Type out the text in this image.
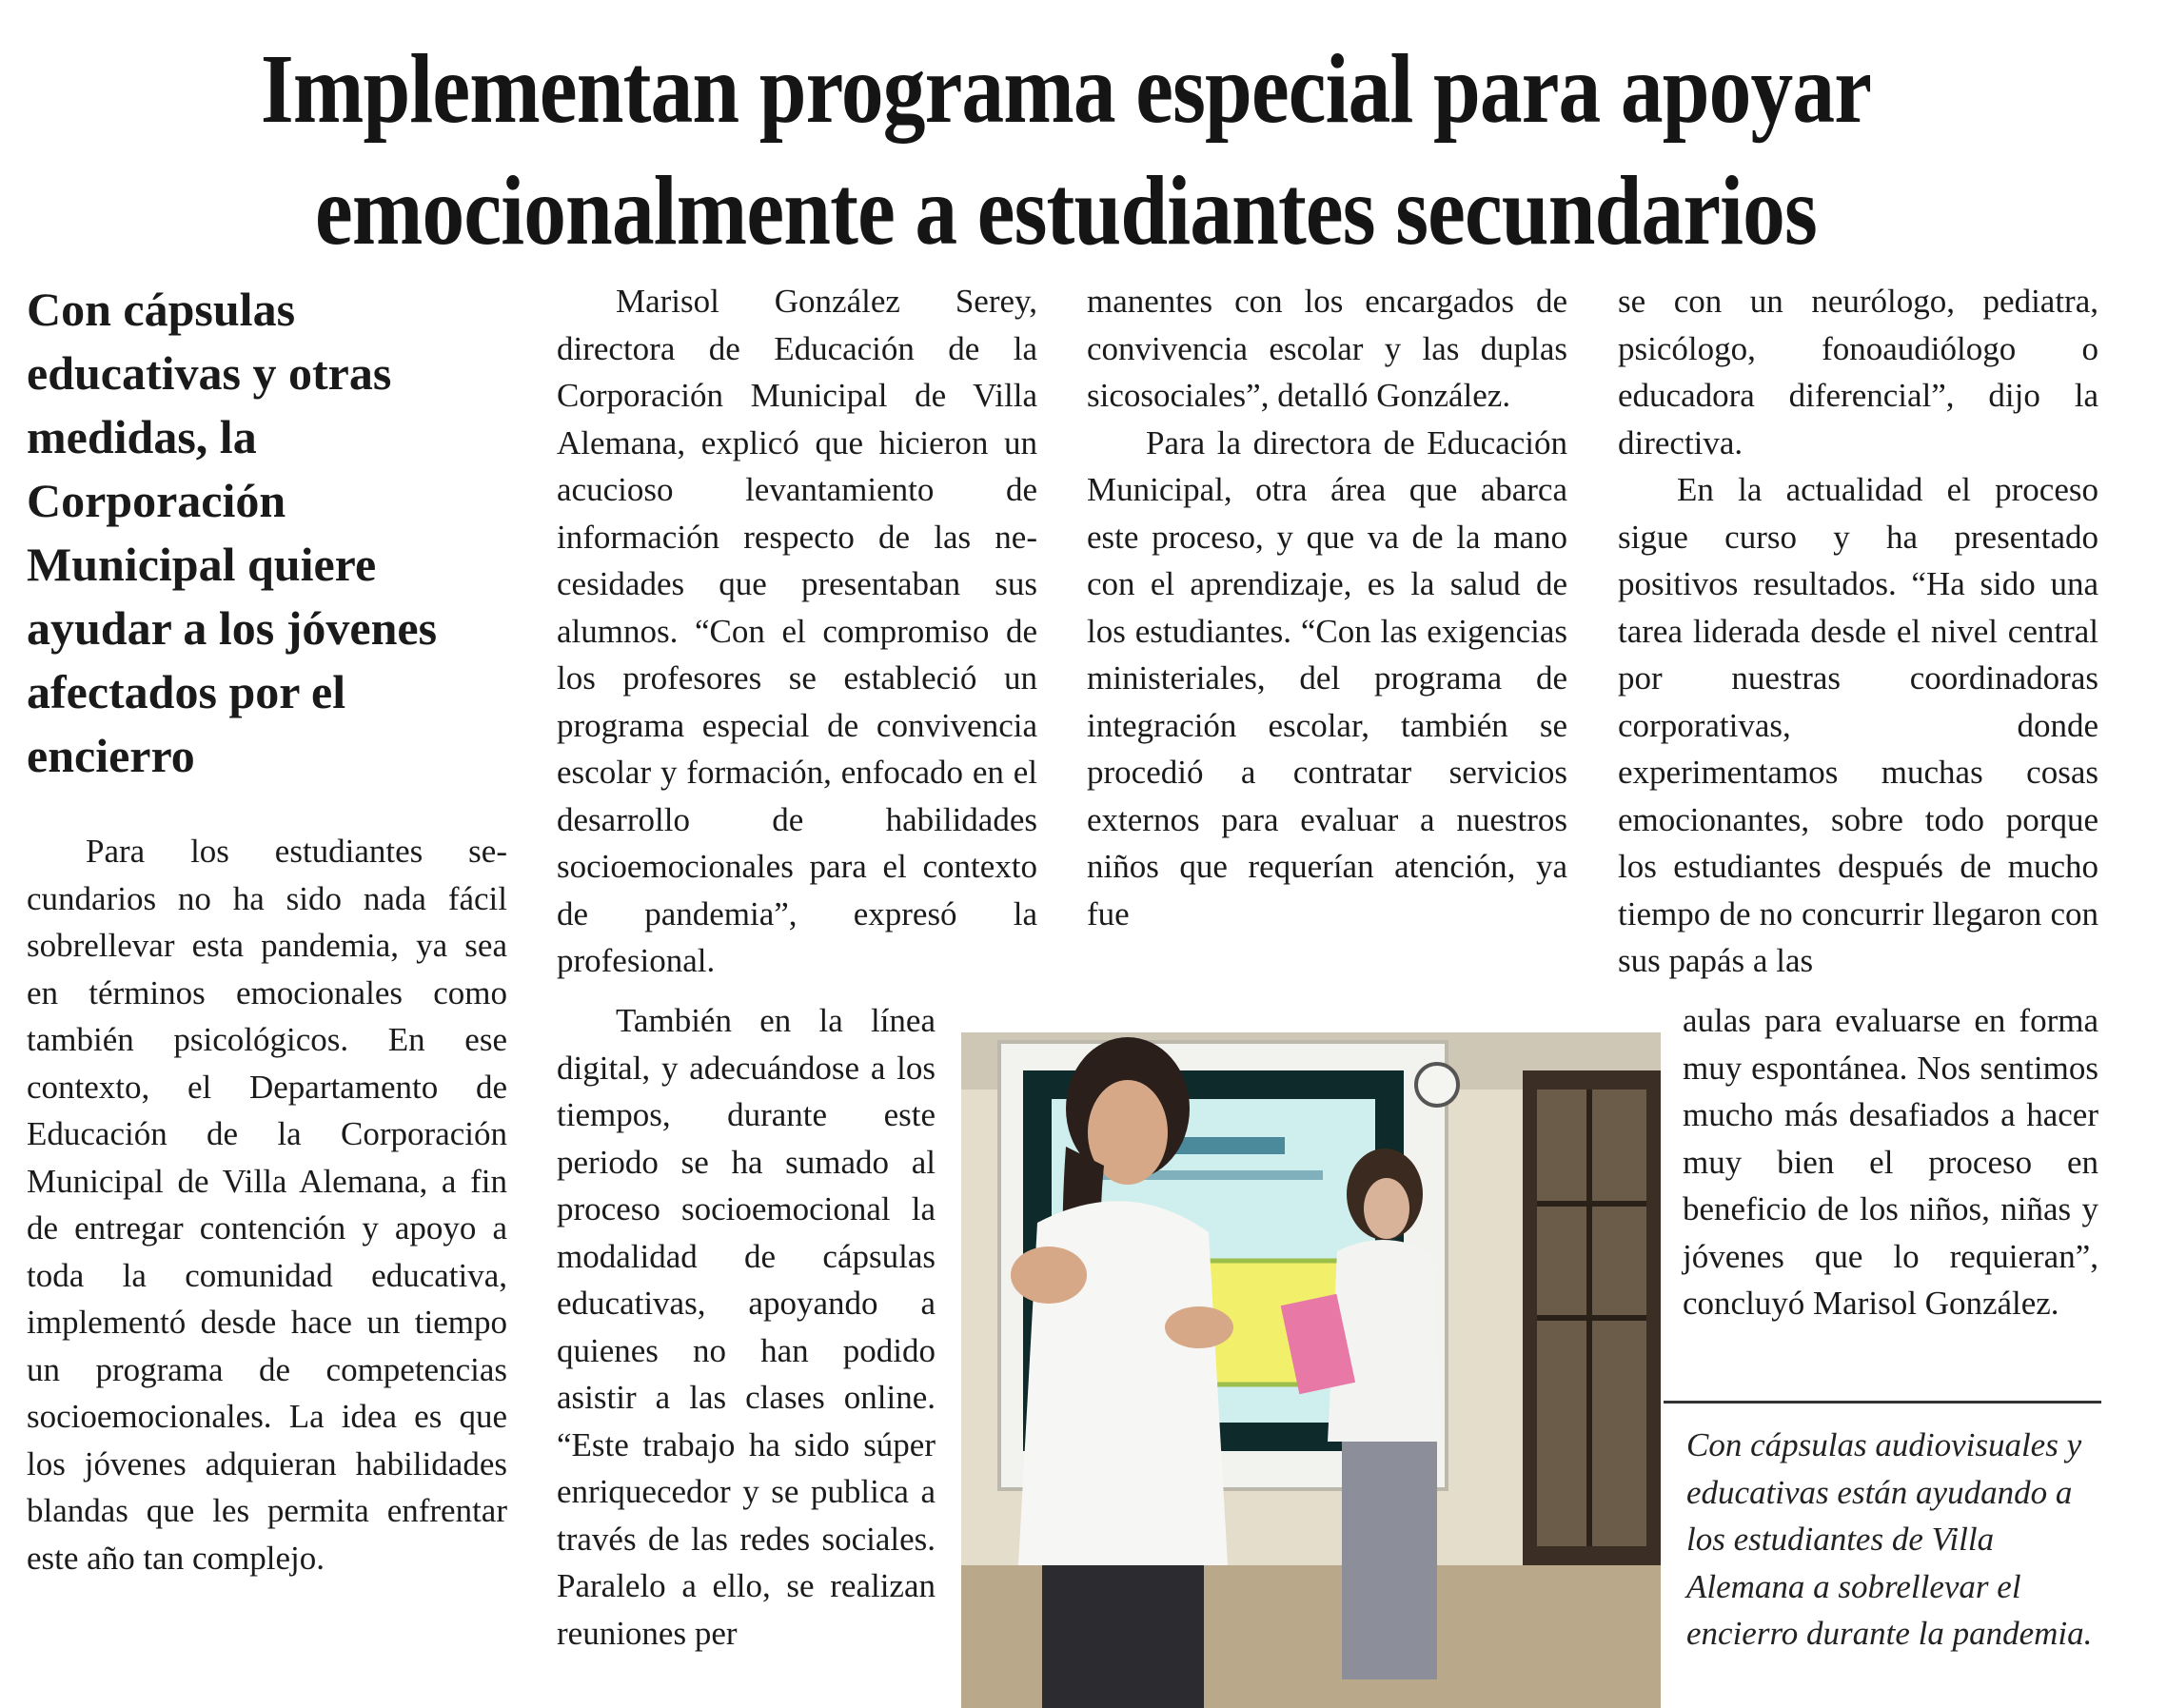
Implementan programa especial para apoyar
emocionalmente a estudiantes secundarios
Con cápsulas educativas y otras medidas, la Corporación Municipal quiere ayudar a los jóvenes afectados por el encierro

Para los estudiantes secundarios no ha sido nada fácil sobrellevar esta pandemia, ya sea en términos emocionales como también psicológicos. En ese contexto, el Departamento de Educación de la Corporación Municipal de Villa Alemana, a fin de entregar contención y apoyo a toda la comunidad educativa, implementó desde hace un tiempo un programa de competencias socioemocionales. La idea es que los jóvenes adquieran habilidades blandas que les permita enfrentar este año tan complejo.

Marisol González Serey, directora de Educación de la Corporación Municipal de Villa Alemana, explicó que hicieron un acucioso levantamiento de información respecto de las necesidades que presentaban sus alumnos. “Con el compromiso de los profesores se estableció un programa especial de convivencia escolar y formación, enfocado en el desarrollo de habilidades socioemocionales para el contexto de pandemia”, expresó la profesional.

También en la línea digital, y adecuándose a los tiempos, durante este periodo se ha sumado al proceso socioemocional la modalidad de cápsulas educativas, apoyando a quienes no han podido asistir a las clases online. “Este trabajo ha sido súper enriquecedor y se publica a través de las redes sociales. Paralelo a ello, se realizan reuniones per

manentes con los encargados de convivencia escolar y las duplas sicosociales”, detalló González.

Para la directora de Educación Municipal, otra área que abarca este proceso, y que va de la mano con el aprendizaje, es la salud de los estudiantes. “Con las exigencias ministeriales, del programa de integración escolar, también se procedió a contratar servicios externos para evaluar a nuestros niños que requerían atención, ya fue

se con un neurólogo, pediatra, psicólogo, fonoaudiólogo o educadora diferencial”, dijo la directiva.

En la actualidad el proceso sigue curso y ha presentado positivos resultados. “Ha sido una tarea liderada desde el nivel central por nuestras coordinadoras corporativas, donde experimentamos muchas cosas emocionantes, sobre todo porque los estudiantes después de mucho tiempo de no concurrir llegaron con sus papás a las

aulas para evaluarse en forma muy espontánea. Nos sentimos mucho más desafiados a hacer muy bien el proceso en beneficio de los niños, niñas y jóvenes que lo requieran”, concluyó Marisol González.

Con cápsulas audiovisuales y educativas están ayudando a los estudiantes de Villa Alemana a sobrellevar el encierro durante la pandemia.
